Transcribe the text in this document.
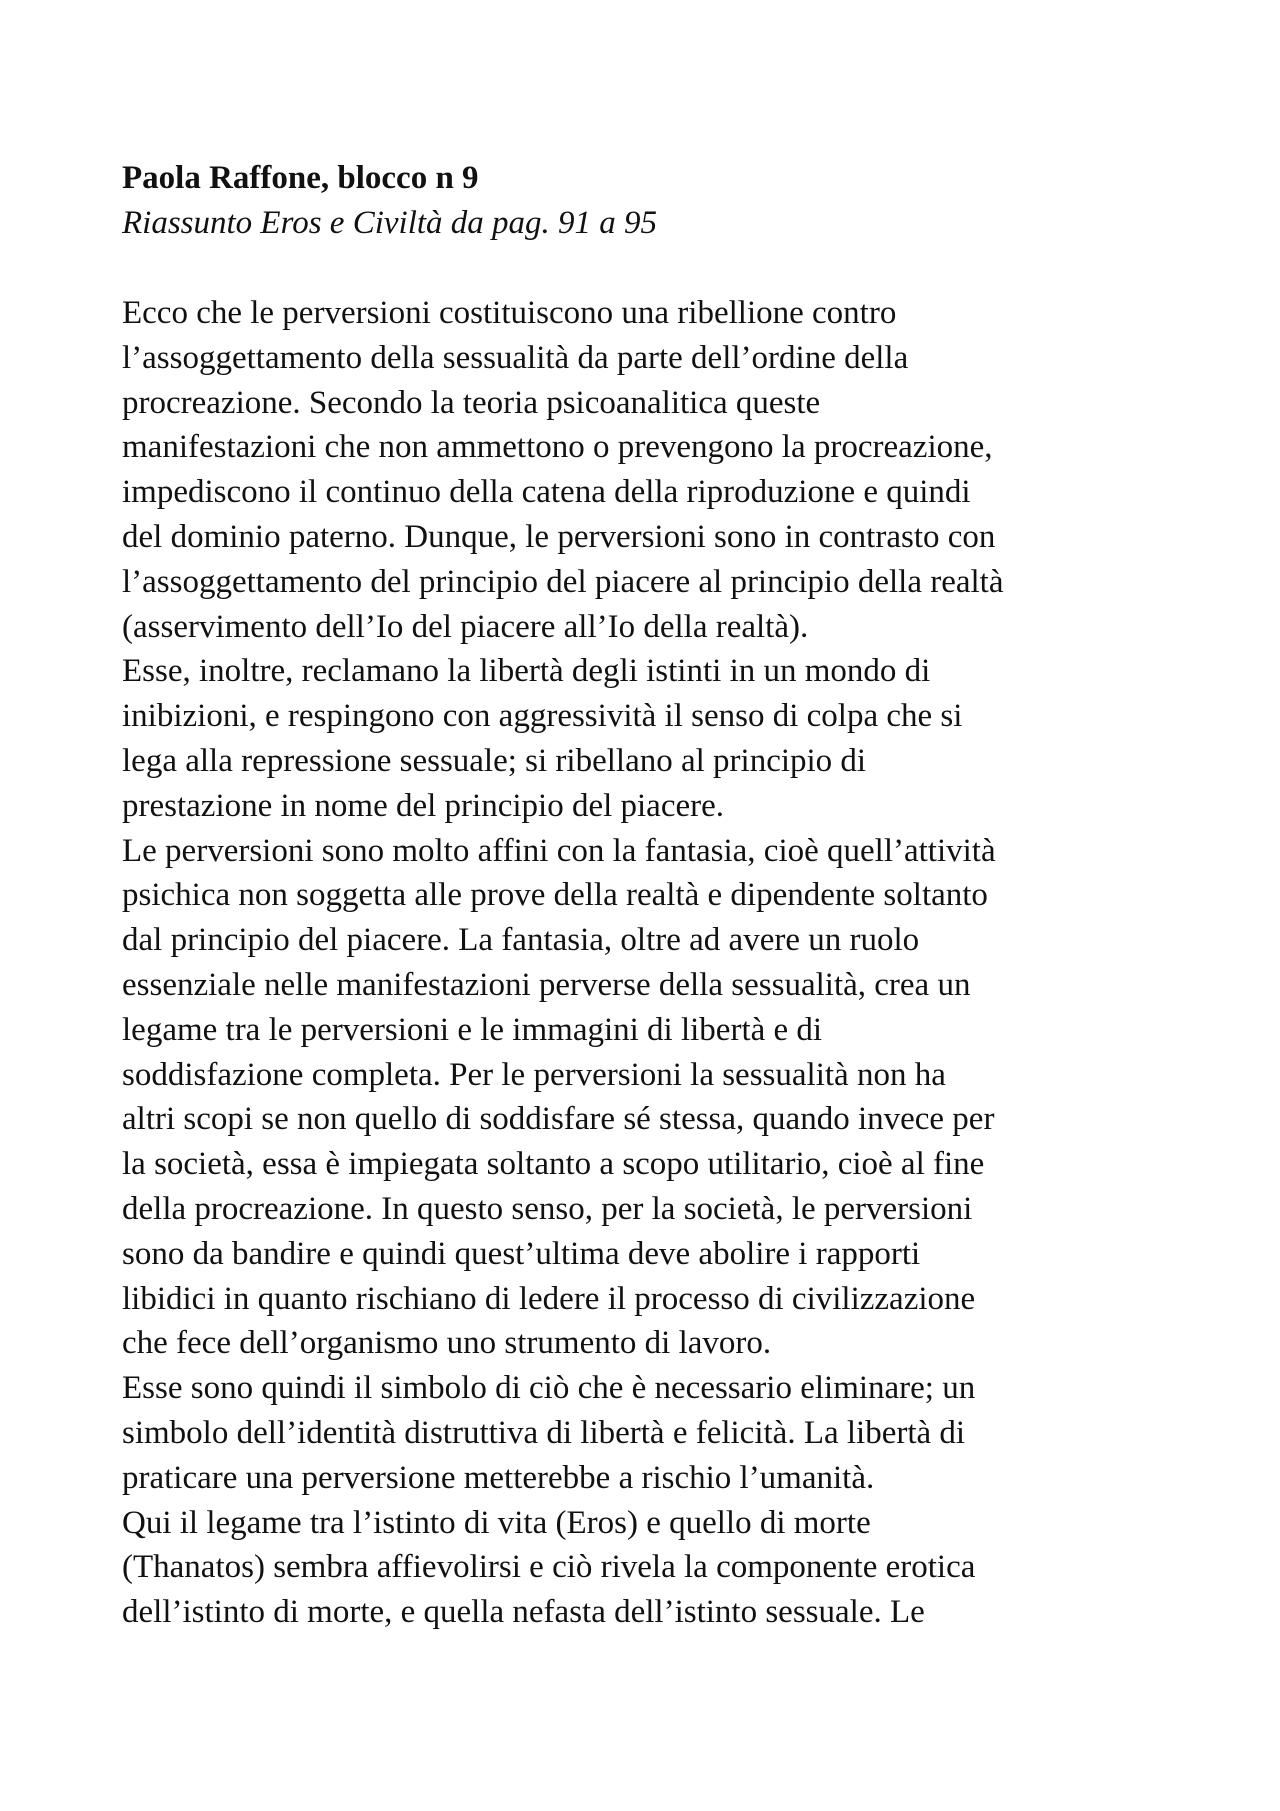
Paola Raffone, blocco n 9
Riassunto Eros e Civiltà da pag. 91 a 95
Ecco che le perversioni costituiscono una ribellione contro
l’assoggettamento della sessualità da parte dell’ordine della
procreazione. Secondo la teoria psicoanalitica queste
manifestazioni che non ammettono o prevengono la procreazione,
impediscono il continuo della catena della riproduzione e quindi
del dominio paterno. Dunque, le perversioni sono in contrasto con
l’assoggettamento del principio del piacere al principio della realtà
(asservimento dell’Io del piacere all’Io della realtà).
Esse, inoltre, reclamano la libertà degli istinti in un mondo di
inibizioni, e respingono con aggressività il senso di colpa che si
lega alla repressione sessuale; si ribellano al principio di
prestazione in nome del principio del piacere.
Le perversioni sono molto affini con la fantasia, cioè quell’attività
psichica non soggetta alle prove della realtà e dipendente soltanto
dal principio del piacere. La fantasia, oltre ad avere un ruolo
essenziale nelle manifestazioni perverse della sessualità, crea un
legame tra le perversioni e le immagini di libertà e di
soddisfazione completa. Per le perversioni la sessualità non ha
altri scopi se non quello di soddisfare sé stessa, quando invece per
la società, essa è impiegata soltanto a scopo utilitario, cioè al fine
della procreazione. In questo senso, per la società, le perversioni
sono da bandire e quindi quest’ultima deve abolire i rapporti
libidici in quanto rischiano di ledere il processo di civilizzazione
che fece dell’organismo uno strumento di lavoro.
Esse sono quindi il simbolo di ciò che è necessario eliminare; un
simbolo dell’identità distruttiva di libertà e felicità. La libertà di
praticare una perversione metterebbe a rischio l’umanità.
Qui il legame tra l’istinto di vita (Eros) e quello di morte
(Thanatos) sembra affievolirsi e ciò rivela la componente erotica
dell’istinto di morte, e quella nefasta dell’istinto sessuale. Le
